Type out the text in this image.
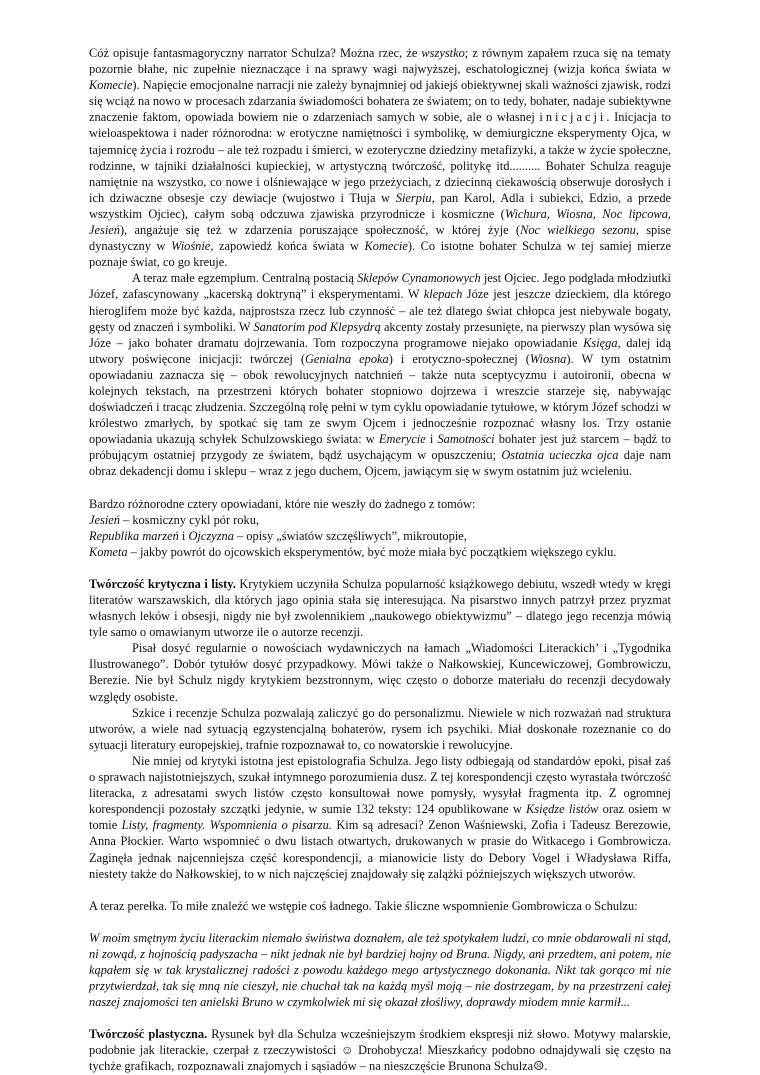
Cóż opisuje fantasmagoryczny narrator Schulza? Można rzec, że wszystko; z równym zapałem rzuca się na tematy pozornie błahe, nic zupełnie nieznaczące i na sprawy wagi najwyższej, eschatologicznej (wizja końca świata w Komecie). Napięcie emocjonalne narracji nie zależy bynajmniej od jakiejś obiektywnej skali ważności zjawisk, rodzi się wciąż na nowo w procesach zdarzania świadomości bohatera ze światem; on to tedy, bohater, nadaje subiektywne znaczenie faktom, opowiada bowiem nie o zdarzeniach samych w sobie, ale o własnej inicjacji. Inicjacja to wieloaspektowa i nader różnorodna: w erotyczne namiętności i symbolikę, w demiurgiczne eksperymenty Ojca, w tajemnicę życia i rozrodu – ale też rozpadu i śmierci, w ezoteryczne dziedziny metafizyki, a także w życie społeczne, rodzinne, w tajniki działalności kupieckiej, w artystyczną twórczość, politykę itd.......... Bohater Schulza reaguje namiętnie na wszystko, co nowe i olśniewające w jego przeżyciach, z dziecinną ciekawością obserwuje dorosłych i ich dziwaczne obsesje czy dewiacje (wujostwo i Tłuja w Sierpiu, pan Karol, Adla i subiekci, Edzio, a przede wszystkim Ojciec), całym sobą odczuwa zjawiska przyrodnicze i kosmiczne (Wichura, Wiosna, Noc lipcowa, Jesień), angażuje się też w zdarzenia poruszające społeczność, w której żyje (Noc wielkiego sezonu, spise dynastyczny w Wiośnie, zapowiedź końca świata w Komecie). Co istotne bohater Schulza w tej samiej mierze poznaje świat, co go kreuje.

A teraz małe egzemplum. Centralną postacią Sklepów Cynamonowych jest Ojciec. Jego podglada młodziutki Józef, zafascynowany „kacerską doktryną” i eksperymentami. W klepach Józe jest jeszcze dzieckiem, dla którego hieroglifem może być każda, najprostsza rzecz lub czynność – ale też dlatego świat chłopca jest niebywale bogaty, gęsty od znaczeń i symboliki. W Sanatorim pod Klepsydrą akcenty zostały przesunięte, na pierwszy plan wysówa się Józe – jako bohater dramatu dojrzewania. Tom rozpoczyna programowe niejako opowiadanie Księga, dalej idą utwory poświęcone inicjacji: twórczej (Genialna epoka) i erotyczno-społecznej (Wiosna). W tym ostatnim opowiadaniu zaznacza się – obok rewolucyjnych natchnień – także nuta sceptycyzmu i autoironii, obecna w kolejnych tekstach, na przestrzeni których bohater stopniowo dojrzewa i wreszcie starzeje się, nabywając doświadczeń i tracąc złudzenia. Szczególną rolę pełni w tym cyklu opowiadanie tytułowe, w którym Józef schodzi w królestwo zmarłych, by spotkać się tam ze swym Ojcem i jednocześnie rozpoznać własny los. Trzy ostanie opowiadania ukazują schyłek Schulzowskiego świata: w Emerycie i Samotności bohater jest już starcem – bądź to próbującym ostatniej przygody ze światem, bądź usychającym w opuszczeniu; Ostatnia ucieczka ojca daje nam obraz dekadencji domu i sklepu – wraz z jego duchem, Ojcem, jawiącym się w swym ostatnim już wcieleniu.

Bardzo różnorodne cztery opowiadani, które nie weszły do żadnego z tomów:
Jesień – kosmiczny cykl pór roku,
Republika marzeń i Ojczyzna – opisy „światów szczęśliwych”, mikroutopie,
Kometa – jakby powrót do ojcowskich eksperymentów, być może miała być początkiem większego cyklu.

Twórczość krytyczna i listy. Krytykiem uczyniła Schulza popularność książkowego debiutu, wszedł wtedy w kręgi literatów warszawskich, dla których jago opinia stała się interesująca. Na pisarstwo innych patrzył przez pryzmat własnych leków i obsesji, nigdy nie był zwolennikiem „naukowego obiektywizmu” – dlatego jego recenzja mówią tyle samo o omawianym utworze ile o autorze recenzji.

Pisał dosyć regularnie o nowościach wydawniczych na łamach „Wiadomości Literackich’ i „Tygodnika Ilustrowanego”. Dobór tytułów dosyć przypadkowy. Mówi także o Nałkowskiej, Kuncewiczowej, Gombrowiczu, Berezie. Nie był Schulz nigdy krytykiem bezstronnym, więc często o doborze materiału do recenzji decydowały względy osobiste.

Szkice i recenzje Schulza pozwalają zaliczyć go do personalizmu. Niewiele w nich rozważań nad struktura utworów, a wiele nad sytuacją egzystencjalną bohaterów, rysem ich psychiki. Miał doskonałe rozeznanie co do sytuacji literatury europejskiej, trafnie rozpoznawał to, co nowatorskie i rewolucyjne.

Nie mniej od krytyki istotna jest epistolografia Schulza. Jego listy odbiegają od standardów epoki, pisał zaś o sprawach najistotniejszych, szukał intymnego porozumienia dusz. Z tej korespondencji często wyrastała twórczość literacka, z adresatami swych listów często konsultował nowe pomysły, wysyłał fragmenta itp. Z ogromnej korespondencji pozostały szczątki jedynie, w sumie 132 teksty: 124 opublikowane w Księdze listów oraz osiem w tomie Listy, fragmenty. Wspomnienia o pisarzu. Kim są adresaci? Zenon Waśniewski, Zofia i Tadeusz Berezowie, Anna Płockier. Warto wspomnieć o dwu listach otwartych, drukowanych w prasie do Witkacego i Gombrowicza. Zaginęła jednak najcenniejsza część korespondencji, a mianowicie listy do Debory Vogel i Władysława Riffa, niestety także do Nałkowskiej, to w nich najczęściej znajdowały się zalążki późniejszych większych utworów.

A teraz perełka. To miłe znaleźć we wstępie coś ładnego. Takie śliczne wspomnienie Gombrowicza o Schulzu:

W moim smętnym życiu literackim niemało świństwa doznałem, ale też spotykałem ludzi, co mnie obdarowali ni stąd, ni zowąd, z hojnością padyszacha – nikt jednak nie był bardziej hojny od Bruna. Nigdy, ani przedtem, ani potem, nie kąpałem się w tak krystalicznej radości z powodu każdego mego artystycznego dokonania. Nikt tak gorąco mi nie przytwierdzał, tak się mną nie cieszył, nie chuchał tak na każdą myśl moją – nie dostrzegam, by na przestrzeni całej naszej znajomości ten anielski Bruno w czymkolwiek mi się okazał złośliwy, doprawdy miodem mnie karmił...

Twórczość plastyczna. Rysunek był dla Schulza wcześniejszym środkiem ekspresji niż słowo. Motywy malarskie, podobnie jak literackie, czerpał z rzeczywistości ☺ Drohobycza! Mieszkańcy podobno odnajdywali się często na tychże grafikach, rozpoznawali znajomych i sąsiadów – na nieszczęście Brunona Schulza☹.
